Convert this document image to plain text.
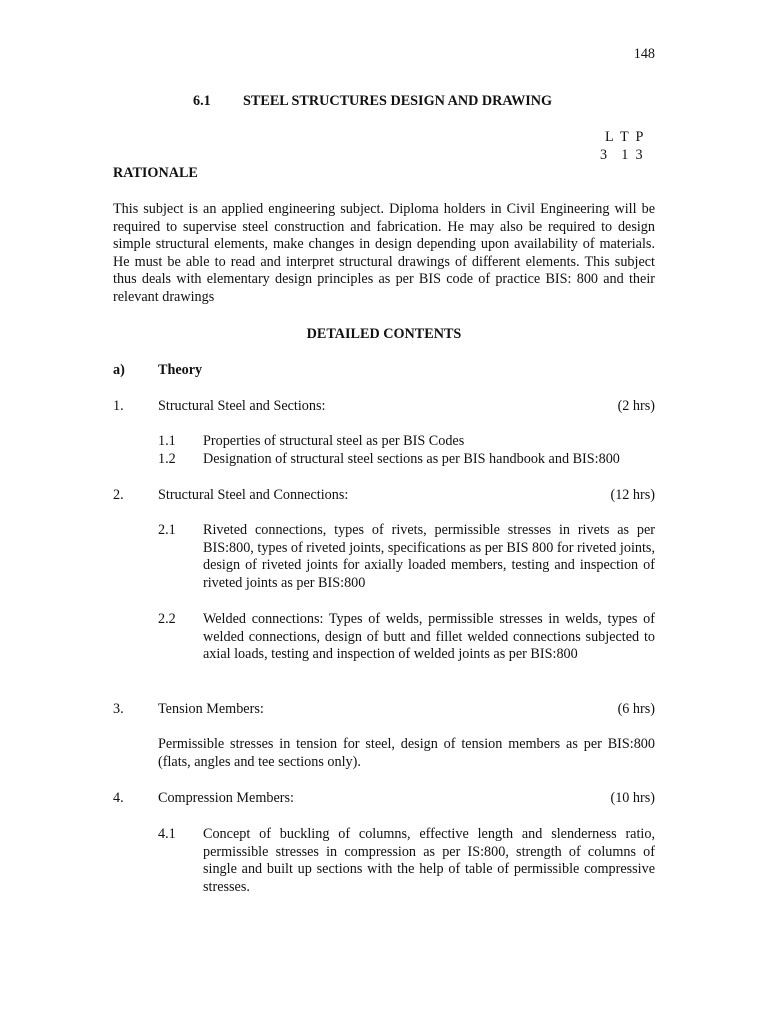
148
6.1 STEEL STRUCTURES DESIGN AND DRAWING
L  T  P
3    1  3
RATIONALE
This subject is an applied engineering subject. Diploma holders in Civil Engineering will be required to supervise steel construction and fabrication. He may also be required to design simple structural elements, make changes in design depending upon availability of materials. He must be able to read and interpret structural drawings of different elements. This subject thus deals with elementary design principles as per BIS code of practice BIS: 800 and their relevant drawings
DETAILED CONTENTS
a) Theory
1. Structural Steel and Sections:	(2 hrs)
1.1 Properties of structural steel as per BIS Codes
1.2 Designation of structural steel sections as per BIS handbook and BIS:800
2. Structural Steel and Connections:	(12 hrs)
2.1 Riveted connections, types of rivets, permissible stresses in rivets as per BIS:800, types of riveted joints, specifications as per BIS 800 for riveted joints, design of riveted joints for axially loaded members, testing and inspection of riveted joints as per BIS:800
2.2 Welded connections: Types of welds, permissible stresses in welds, types of welded connections, design of butt and fillet welded connections subjected to axial loads, testing and inspection of welded joints as per BIS:800
3. Tension Members:	(6 hrs)
Permissible stresses in tension for steel, design of tension members as per BIS:800 (flats, angles and tee sections only).
4. Compression Members:	(10 hrs)
4.1 Concept of buckling of columns, effective length and slenderness ratio, permissible stresses in compression as per IS:800, strength of columns of single and built up sections with the help of table of permissible compressive stresses.
